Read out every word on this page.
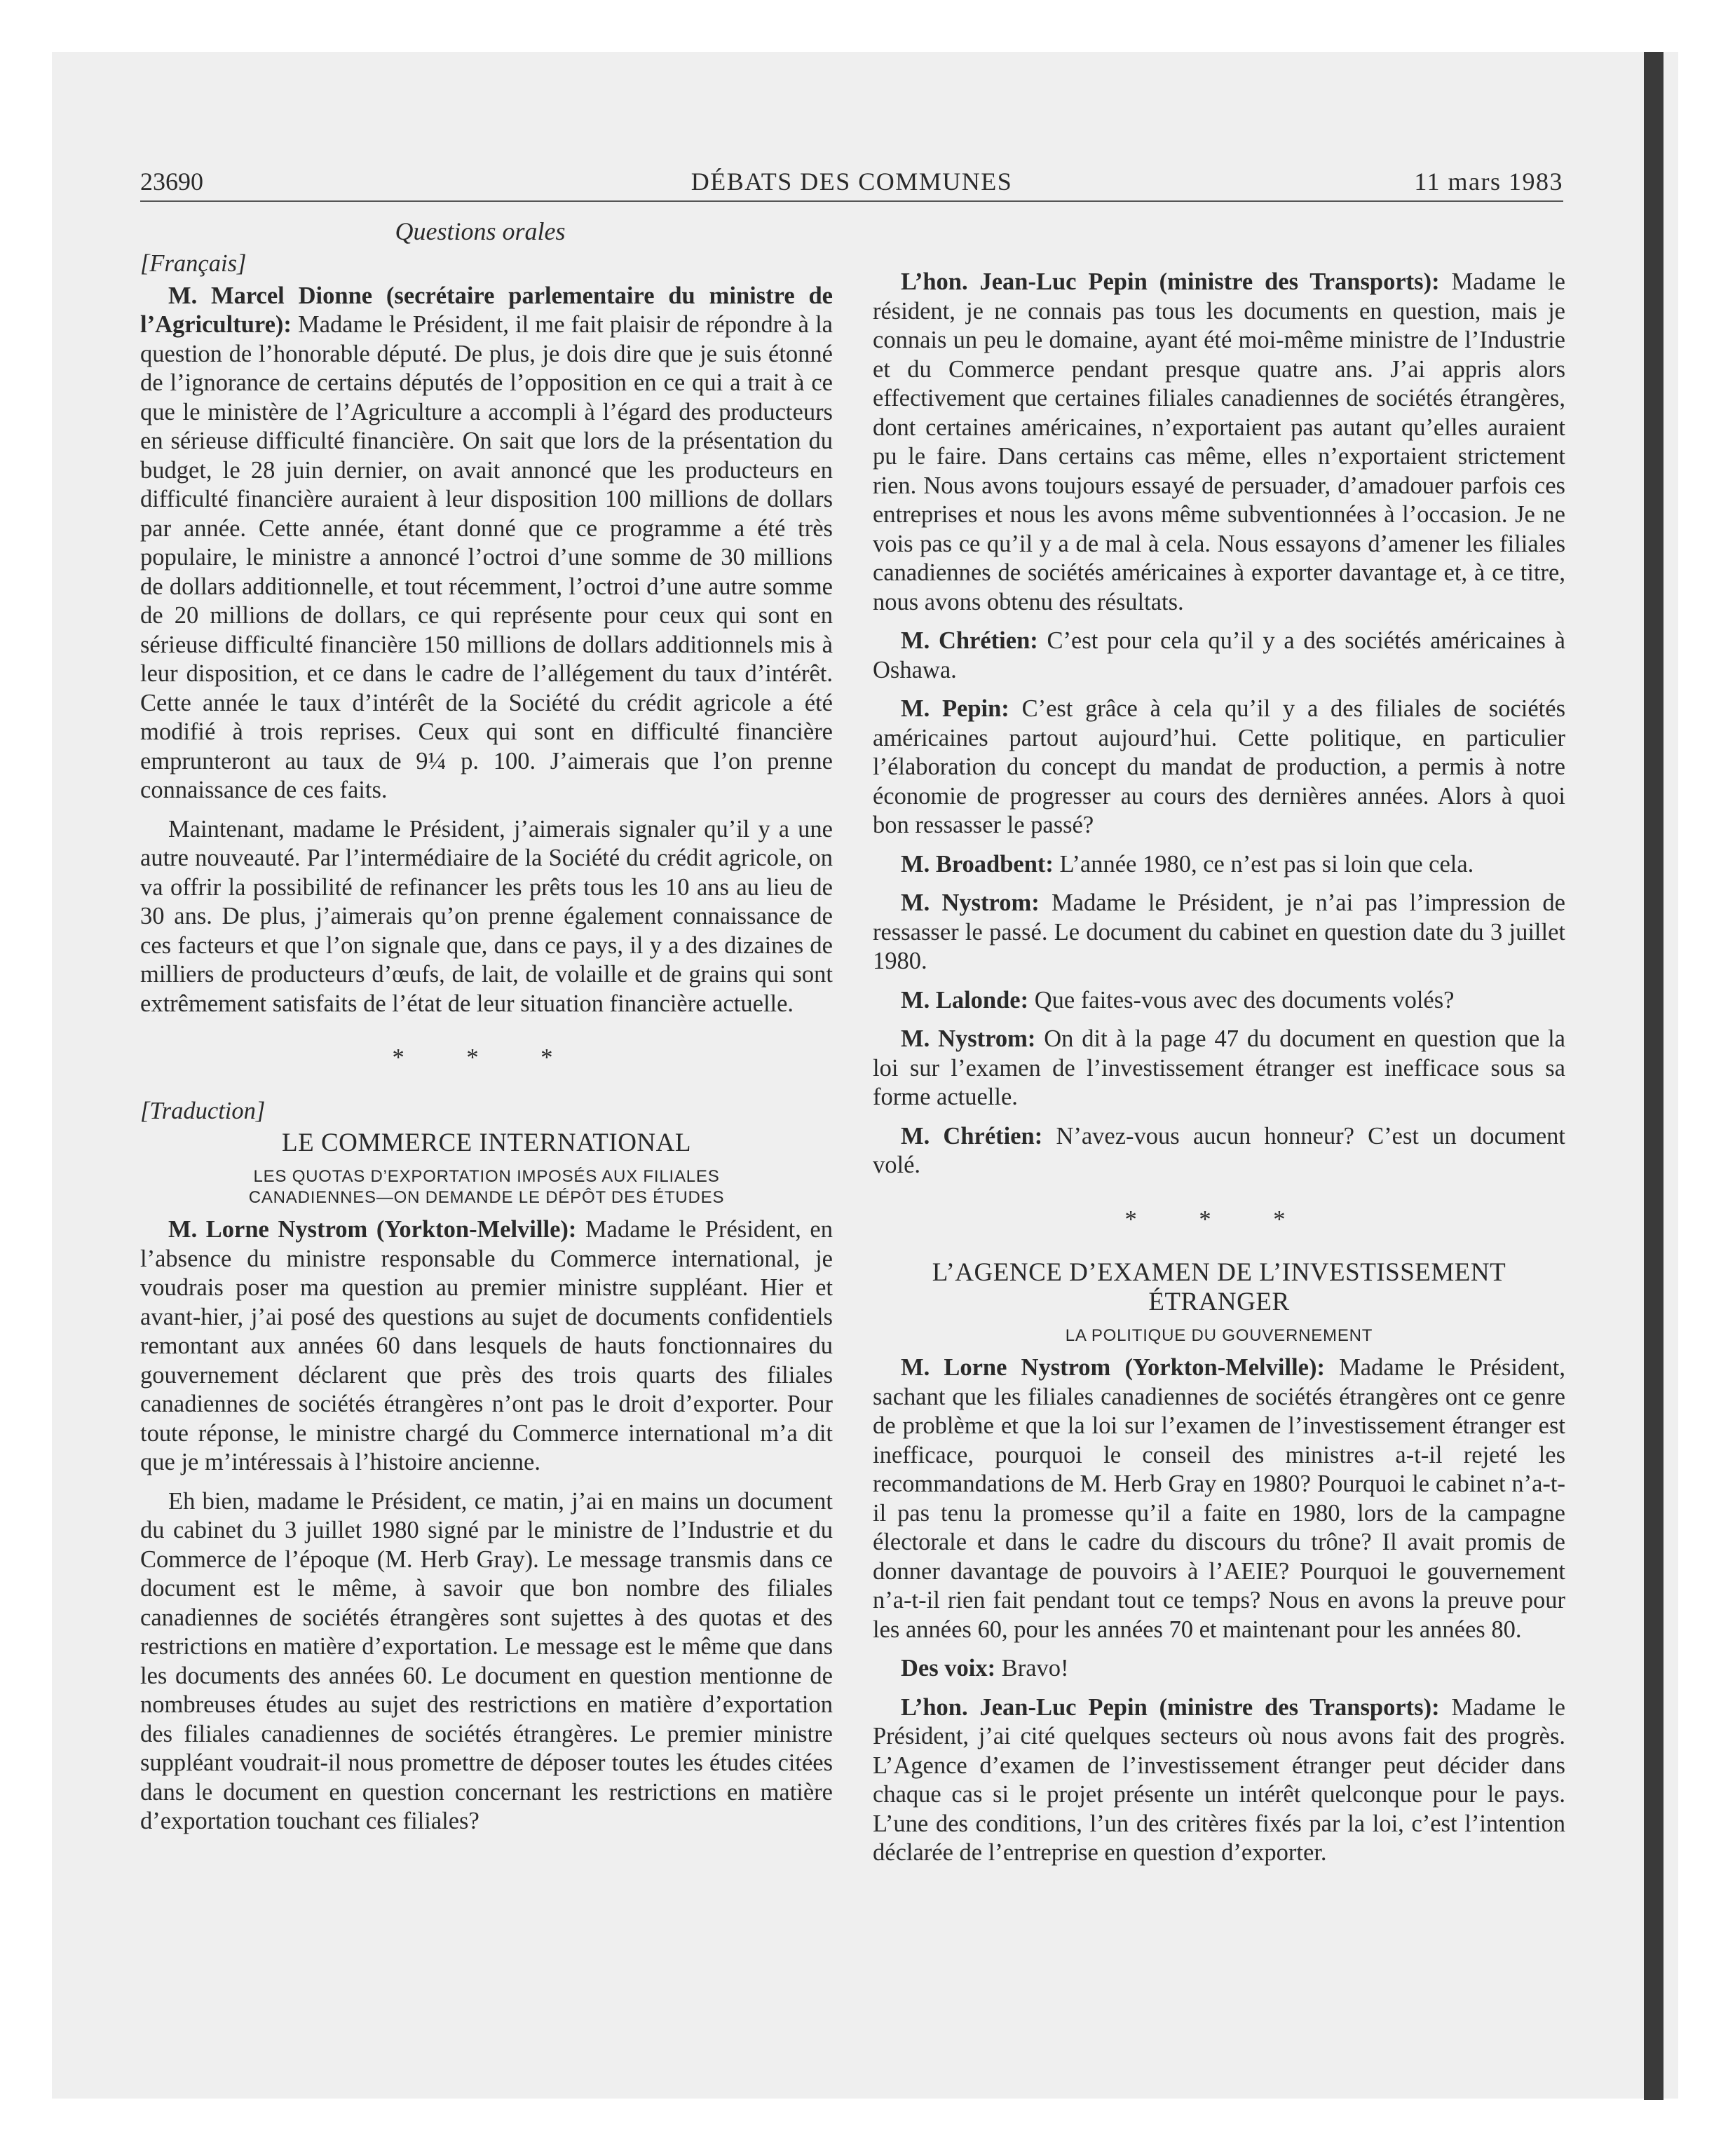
23690	DÉBATS DES COMMUNES	11 mars 1983
Questions orales

[Français]

M. Marcel Dionne (secrétaire parlementaire du ministre de l’Agriculture): Madame le Président, il me fait plaisir de répondre à la question de l’honorable député. De plus, je dois dire que je suis étonné de l’ignorance de certains députés de l’opposition en ce qui a trait à ce que le ministère de l’Agriculture a accompli à l’égard des producteurs en sérieuse difficulté financière. On sait que lors de la présentation du budget, le 28 juin dernier, on avait annoncé que les producteurs en difficulté financière auraient à leur disposition 100 millions de dollars par année. Cette année, étant donné que ce programme a été très populaire, le ministre a annoncé l’octroi d’une somme de 30 millions de dollars additionnelle, et tout récemment, l’octroi d’une autre somme de 20 millions de dollars, ce qui représente pour ceux qui sont en sérieuse difficulté financière 150 millions de dollars additionnels mis à leur disposition, et ce dans le cadre de l’allégement du taux d’intérêt. Cette année le taux d’intérêt de la Société du crédit agricole a été modifié à trois reprises. Ceux qui sont en difficulté financière emprunteront au taux de 9¼ p. 100. J’aimerais que l’on prenne connaissance de ces faits.

Maintenant, madame le Président, j’aimerais signaler qu’il y a une autre nouveauté. Par l’intermédiaire de la Société du crédit agricole, on va offrir la possibilité de refinancer les prêts tous les 10 ans au lieu de 30 ans. De plus, j’aimerais qu’on prenne également connaissance de ces facteurs et que l’on signale que, dans ce pays, il y a des dizaines de milliers de producteurs d’œufs, de lait, de volaille et de grains qui sont extrêmement satisfaits de l’état de leur situation financière actuelle.

* * *

[Traduction]

LE COMMERCE INTERNATIONAL

LES QUOTAS D’EXPORTATION IMPOSÉS AUX FILIALES
CANADIENNES—ON DEMANDE LE DÉPÔT DES ÉTUDES

M. Lorne Nystrom (Yorkton-Melville): Madame le Président, en l’absence du ministre responsable du Commerce international, je voudrais poser ma question au premier ministre suppléant. Hier et avant-hier, j’ai posé des questions au sujet de documents confidentiels remontant aux années 60 dans lesquels de hauts fonctionnaires du gouvernement déclarent que près des trois quarts des filiales canadiennes de sociétés étrangères n’ont pas le droit d’exporter. Pour toute réponse, le ministre chargé du Commerce international m’a dit que je m’intéressais à l’histoire ancienne.

Eh bien, madame le Président, ce matin, j’ai en mains un document du cabinet du 3 juillet 1980 signé par le ministre de l’Industrie et du Commerce de l’époque (M. Herb Gray). Le message transmis dans ce document est le même, à savoir que bon nombre des filiales canadiennes de sociétés étrangères sont sujettes à des quotas et des restrictions en matière d’exportation. Le message est le même que dans les documents des années 60. Le document en question mentionne de nombreuses études au sujet des restrictions en matière d’exportation des filiales canadiennes de sociétés étrangères. Le premier ministre suppléant voudrait-il nous promettre de déposer toutes les études citées dans le document en question concernant les restrictions en matière d’exportation touchant ces filiales?

L’hon. Jean-Luc Pepin (ministre des Transports): Madame le résident, je ne connais pas tous les documents en question, mais je connais un peu le domaine, ayant été moi-même ministre de l’Industrie et du Commerce pendant presque quatre ans. J’ai appris alors effectivement que certaines filiales canadiennes de sociétés étrangères, dont certaines américaines, n’exportaient pas autant qu’elles auraient pu le faire. Dans certains cas même, elles n’exportaient strictement rien. Nous avons toujours essayé de persuader, d’amadouer parfois ces entreprises et nous les avons même subventionnées à l’occasion. Je ne vois pas ce qu’il y a de mal à cela. Nous essayons d’amener les filiales canadiennes de sociétés américaines à exporter davantage et, à ce titre, nous avons obtenu des résultats.

M. Chrétien: C’est pour cela qu’il y a des sociétés américaines à Oshawa.

M. Pepin: C’est grâce à cela qu’il y a des filiales de sociétés américaines partout aujourd’hui. Cette politique, en particulier l’élaboration du concept du mandat de production, a permis à notre économie de progresser au cours des dernières années. Alors à quoi bon ressasser le passé?

M. Broadbent: L’année 1980, ce n’est pas si loin que cela.

M. Nystrom: Madame le Président, je n’ai pas l’impression de ressasser le passé. Le document du cabinet en question date du 3 juillet 1980.

M. Lalonde: Que faites-vous avec des documents volés?

M. Nystrom: On dit à la page 47 du document en question que la loi sur l’examen de l’investissement étranger est inefficace sous sa forme actuelle.

M. Chrétien: N’avez-vous aucun honneur? C’est un document volé.

* * *

L’AGENCE D’EXAMEN DE L’INVESTISSEMENT
ÉTRANGER

LA POLITIQUE DU GOUVERNEMENT

M. Lorne Nystrom (Yorkton-Melville): Madame le Président, sachant que les filiales canadiennes de sociétés étrangères ont ce genre de problème et que la loi sur l’examen de l’investissement étranger est inefficace, pourquoi le conseil des ministres a-t-il rejeté les recommandations de M. Herb Gray en 1980? Pourquoi le cabinet n’a-t-il pas tenu la promesse qu’il a faite en 1980, lors de la campagne électorale et dans le cadre du discours du trône? Il avait promis de donner davantage de pouvoirs à l’AEIE? Pourquoi le gouvernement n’a-t-il rien fait pendant tout ce temps? Nous en avons la preuve pour les années 60, pour les années 70 et maintenant pour les années 80.

Des voix: Bravo!

L’hon. Jean-Luc Pepin (ministre des Transports): Madame le Président, j’ai cité quelques secteurs où nous avons fait des progrès. L’Agence d’examen de l’investissement étranger peut décider dans chaque cas si le projet présente un intérêt quelconque pour le pays. L’une des conditions, l’un des critères fixés par la loi, c’est l’intention déclarée de l’entreprise en question d’exporter.
